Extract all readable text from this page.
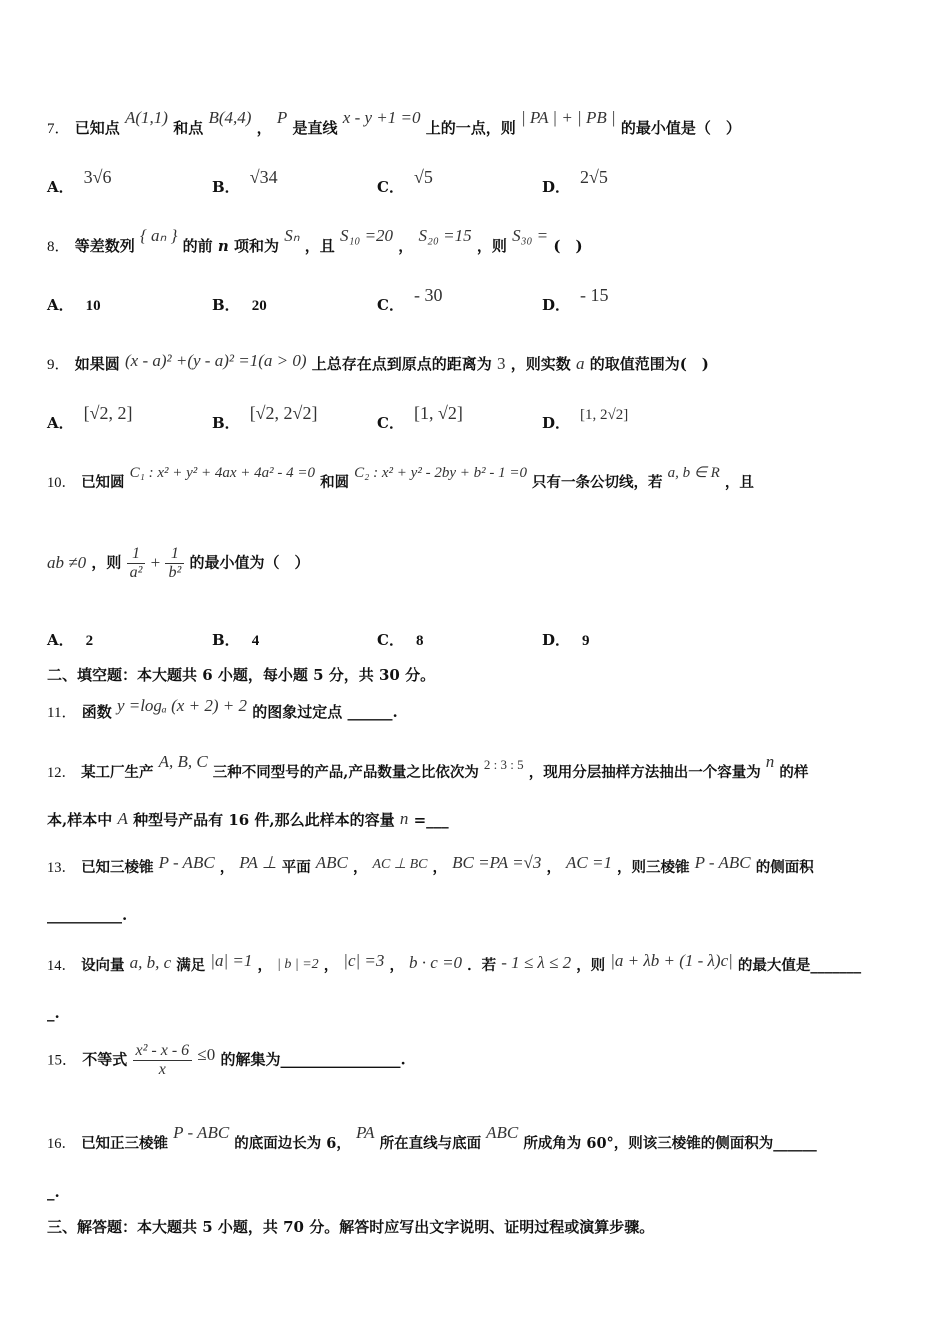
7． 已知点 A(1,1) 和点 B(4,4) ， P 是直线 x - y +1 =0 上的一点，则 | PA | + | PB | 的最小值是（　）
A． 3√6	B． √34	C． √5	D． 2√5
8． 等差数列 { aₙ } 的前 n 项和为 Sₙ ，且 S₁₀ =20 ， S₂₀ =15 ，则 S₃₀ = (　)
A． 10	B． 20	C． - 30	D． - 15
9． 如果圆 (x - a)² +(y - a)² =1(a > 0) 上总存在点到原点的距离为 3 ，则实数 a 的取值范围为(　)
A． [√2, 2]	B． [√2, 2√2]	C． [1, √2]	D． [1, 2√2]
10． 已知圆 C₁ : x² + y² + 4ax + 4a² - 4 =0 和圆 C₂ : x² + y² - 2by + b² - 1 =0 只有一条公切线，若 a, b ∈ R ，且
ab ≠0 ，则 $\frac{1}{\text{a²}} + \frac{1}{\text{b²}}$ 的最小值为（　）
A． 2	B． 4	C． 8	D． 9
二、填空题：本大题共 6 小题，每小题 5 分，共 30 分。
11． 函数 y =logₐ (x + 2) + 2 的图象过定点 ______.
12． 某工厂生产 A, B, C 三种不同型号的产品,产品数量之比依次为 2 : 3 : 5 ，现用分层抽样方法抽出一个容量为 n 的样
本,样本中 A 种型号产品有 16 件,那么此样本的容量 n =___
13． 已知三棱锥 P - ABC ， PA ⊥ 平面 ABC ， AC ⊥ BC ， BC =PA =√3 ， AC =1 ，则三棱锥 P - ABC 的侧面积
__________.
14． 设向量 a, b, c 满足 |a| =1 ， | b | =2 ， |c| =3 ， b · c =0 ．若 - 1 ≤ λ ≤ 2 ，则 |a + λb + (1 - λ)c| 的最大值是_______
_.
15． 不等式 $\frac{\text{x² - x - 6}}{x} \le 0$ 的解集为________________.
16． 已知正三棱锥 P - ABC 的底面边长为 6， PA 所在直线与底面 ABC 所成角为 60°，则该三棱锥的侧面积为______
_.
三、解答题：本大题共 5 小题，共 70 分。解答时应写出文字说明、证明过程或演算步骤。
